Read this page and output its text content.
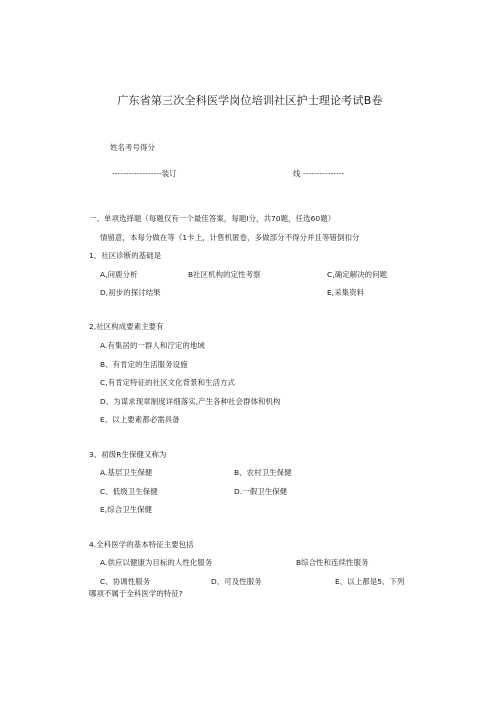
广东省第三次全科医学岗位培训社区护士理论考试B卷
姓名考号得分
------------------装订	线 ---------------
一、单项选择题（每题仅有一个最佳答案，每题Ⅰ分，共70题，任选60题）
情留意，本每分做在等《1卡上，计售机匿卷，多做部分不得分并且等错倒扣分
1、社区诊断的基础是
A,问鹿分析	B社区机构的定性考察	C,确定解决的问题
D,初步的探讨结果	E,采集资料
2,社区构成要素主要有
A.有集居的一群人和泞定的地域
B、有肯定的生活服务设施
C,有肯定特征的社区文化背景和生活方式
D、为谋求现章制度详细落实,产生各种社会群体和机构
E、以上要素都必需具备
3、初级R生保健又称为
A.基层卫生保健	B、农村卫生保健
C、低级卫生保健	D.一假卫生保健
E,综合卫生保健
4.全科医学的基本特征主要包括
A.供应以健康为目标的人性化服务	B综合性和连续性服务
C、协调性服务	D、可及性服务	E、以上都是5、下列
哪项不属于全科医学的特征?
